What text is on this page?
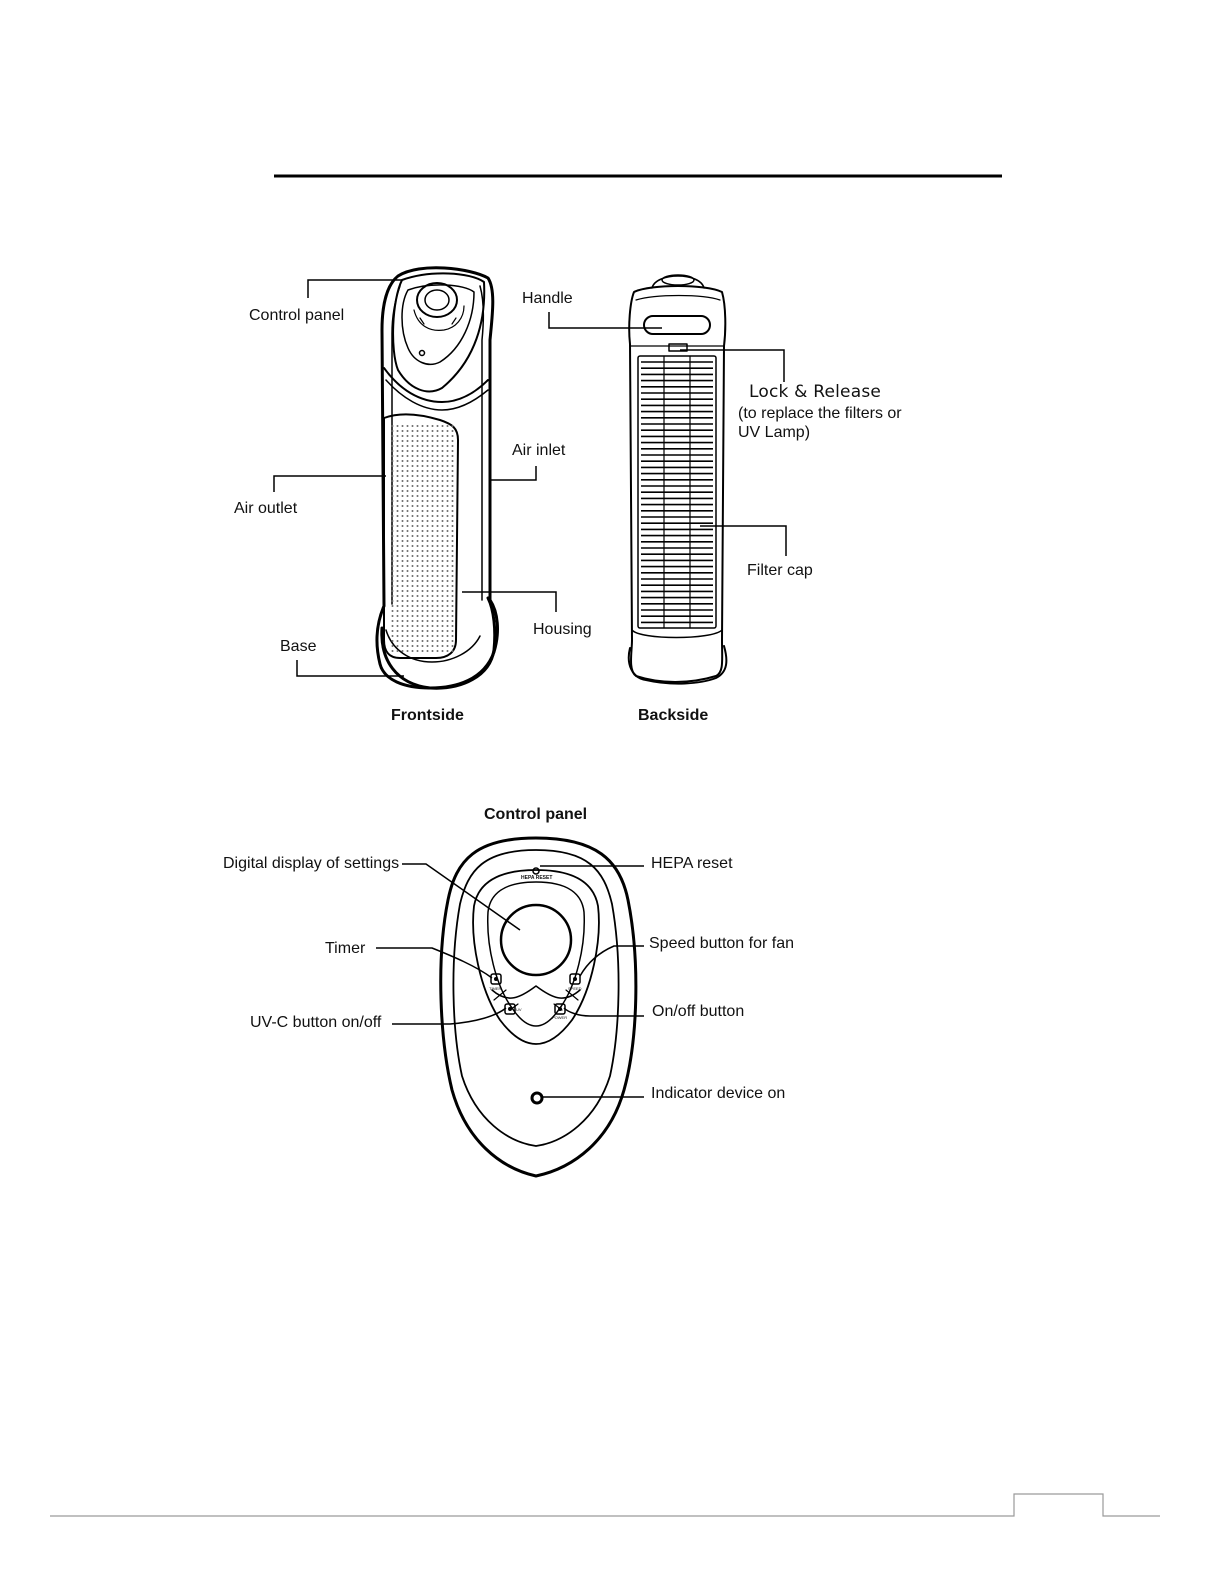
HEPA RESET
TIMER	SPEED
UV
POWER
Control panel
Air outlet
Base
Air inlet
Housing
Handle
Lock & Release
(to replace the filters or
UV Lamp)
Filter cap
Frontside	Backside
Control panel
Digital display of settings
Timer
UV-C button on/off
HEPA reset
Speed button for fan
On/off button
Indicator device on
